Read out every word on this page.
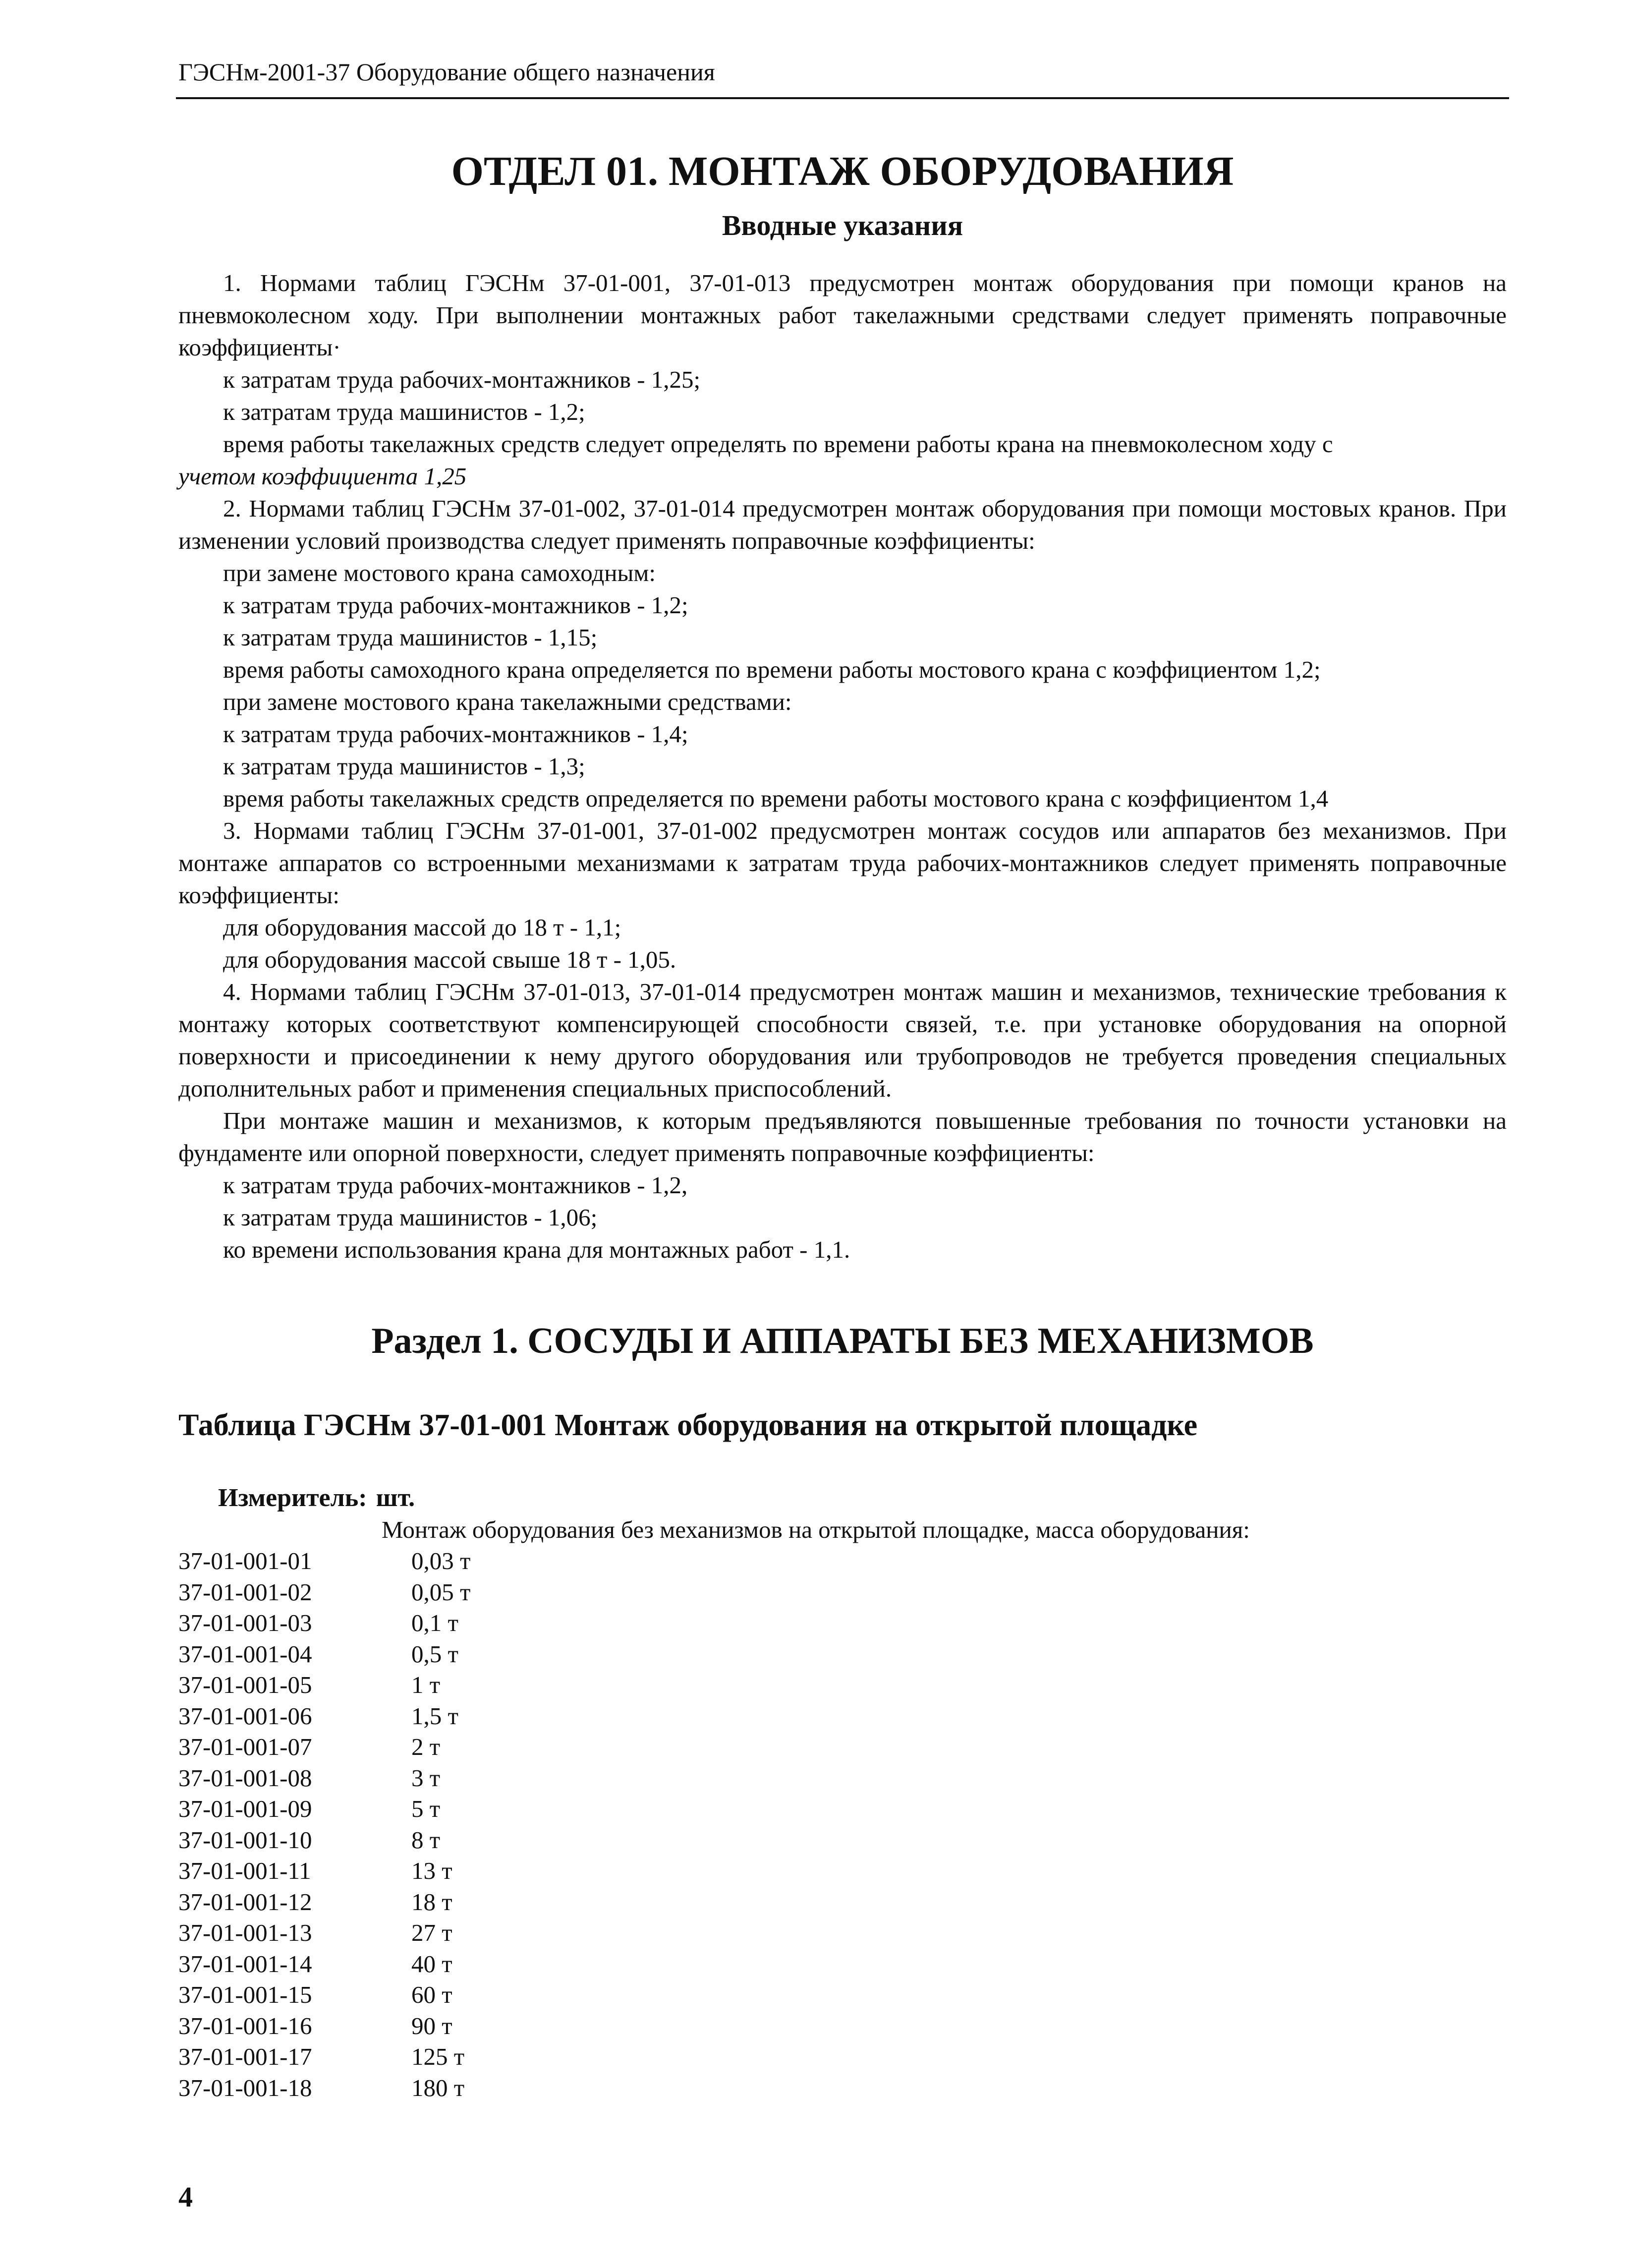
ГЭСНм-2001-37 Оборудование общего назначения
ОТДЕЛ 01. МОНТАЖ ОБОРУДОВАНИЯ
Вводные указания

1. Нормами таблиц ГЭСНм 37-01-001, 37-01-013 предусмотрен монтаж оборудования при помощи кранов на пневмоколесном ходу. При выполнении монтажных работ такелажными средствами следует применять поправочные коэффициенты·

к затратам труда рабочих-монтажников - 1,25;

к затратам труда машинистов - 1,2;

время работы такелажных средств следует определять по времени работы крана на пневмоколесном ходу с

учетом коэффициента 1,25

2. Нормами таблиц ГЭСНм 37-01-002, 37-01-014 предусмотрен монтаж оборудования при помощи мостовых кранов. При изменении условий производства следует применять поправочные коэффициенты:

при замене мостового крана самоходным:

к затратам труда рабочих-монтажников - 1,2;

к затратам труда машинистов - 1,15;

время работы самоходного крана определяется по времени работы мостового крана с коэффициентом 1,2;

при замене мостового крана такелажными средствами:

к затратам труда рабочих-монтажников - 1,4;

к затратам труда машинистов - 1,3;

время работы такелажных средств определяется по времени работы мостового крана с коэффициентом 1,4

3. Нормами таблиц ГЭСНм 37-01-001, 37-01-002 предусмотрен монтаж сосудов или аппаратов без механизмов. При монтаже аппаратов со встроенными механизмами к затратам труда рабочих-монтажников следует применять поправочные коэффициенты:

для оборудования массой до 18 т - 1,1;

для оборудования массой свыше 18 т - 1,05.

4. Нормами таблиц ГЭСНм 37-01-013, 37-01-014 предусмотрен монтаж машин и механизмов, технические требования к монтажу которых соответствуют компенсирующей способности связей, т.е. при установке оборудования на опорной поверхности и присоединении к нему другого оборудования или трубопроводов не требуется проведения специальных дополнительных работ и применения специальных приспособлений.

При монтаже машин и механизмов, к которым предъявляются повышенные требования по точности установки на фундаменте или опорной поверхности, следует применять поправочные коэффициенты:

к затратам труда рабочих-монтажников - 1,2,

к затратам труда машинистов - 1,06;

ко времени использования крана для монтажных работ - 1,1.

Раздел 1. СОСУДЫ И АППАРАТЫ БЕЗ МЕХАНИЗМОВ
Таблица ГЭСНм 37-01-001 Монтаж оборудования на открытой площадке
Измеритель: шт.
Монтаж оборудования без механизмов на открытой площадке, масса оборудования:
37-01-001-01	0,03 т
37-01-001-02	0,05 т
37-01-001-03	0,1 т
37-01-001-04	0,5 т
37-01-001-05	1 т
37-01-001-06	1,5 т
37-01-001-07	2 т
37-01-001-08	3 т
37-01-001-09	5 т
37-01-001-10	8 т
37-01-001-11	13 т
37-01-001-12	18 т
37-01-001-13	27 т
37-01-001-14	40 т
37-01-001-15	60 т
37-01-001-16	90 т
37-01-001-17	125 т
37-01-001-18	180 т
4
